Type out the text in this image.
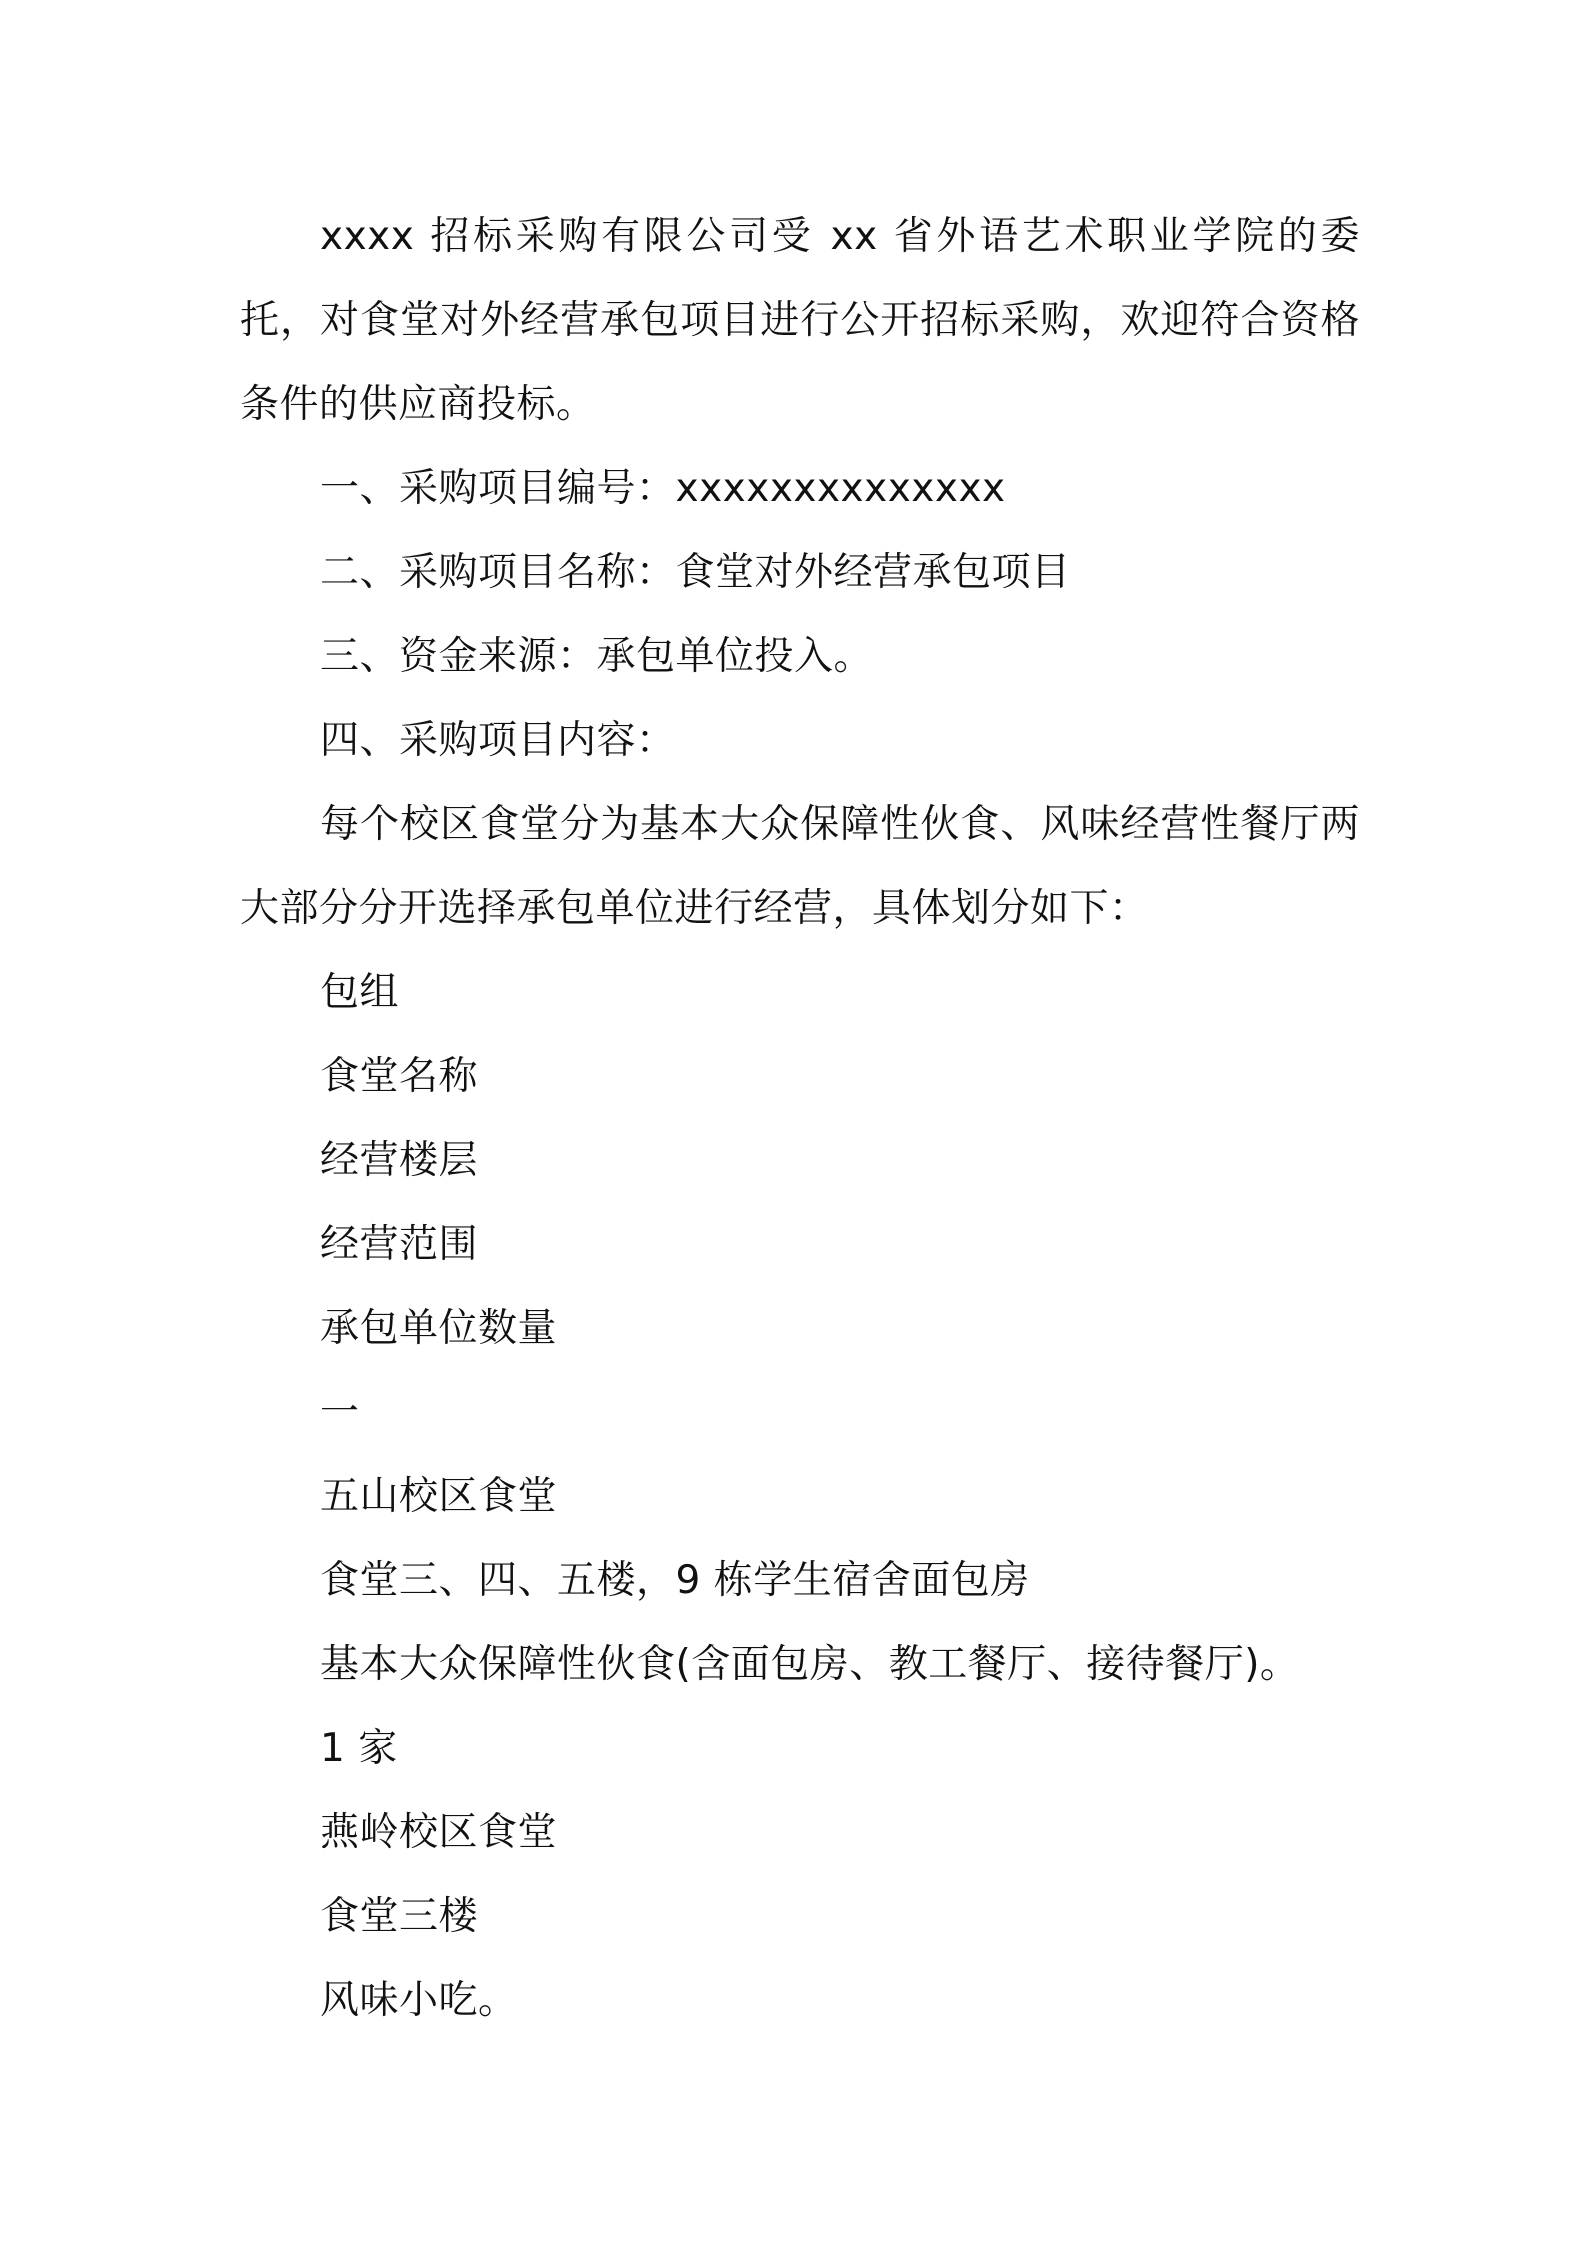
xxxx 招标采购有限公司受 xx 省外语艺术职业学院的委托，对食堂对外经营承包项目进行公开招标采购，欢迎符合资格条件的供应商投标。

一、采购项目编号：xxxxxxxxxxxxxx

二、采购项目名称：食堂对外经营承包项目

三、资金来源：承包单位投入。

四、采购项目内容：

每个校区食堂分为基本大众保障性伙食、风味经营性餐厅两大部分分开选择承包单位进行经营，具体划分如下：

包组

食堂名称

经营楼层

经营范围

承包单位数量

一

五山校区食堂

食堂三、四、五楼，9 栋学生宿舍面包房

基本大众保障性伙食(含面包房、教工餐厅、接待餐厅)。

1 家

燕岭校区食堂

食堂三楼

风味小吃。
